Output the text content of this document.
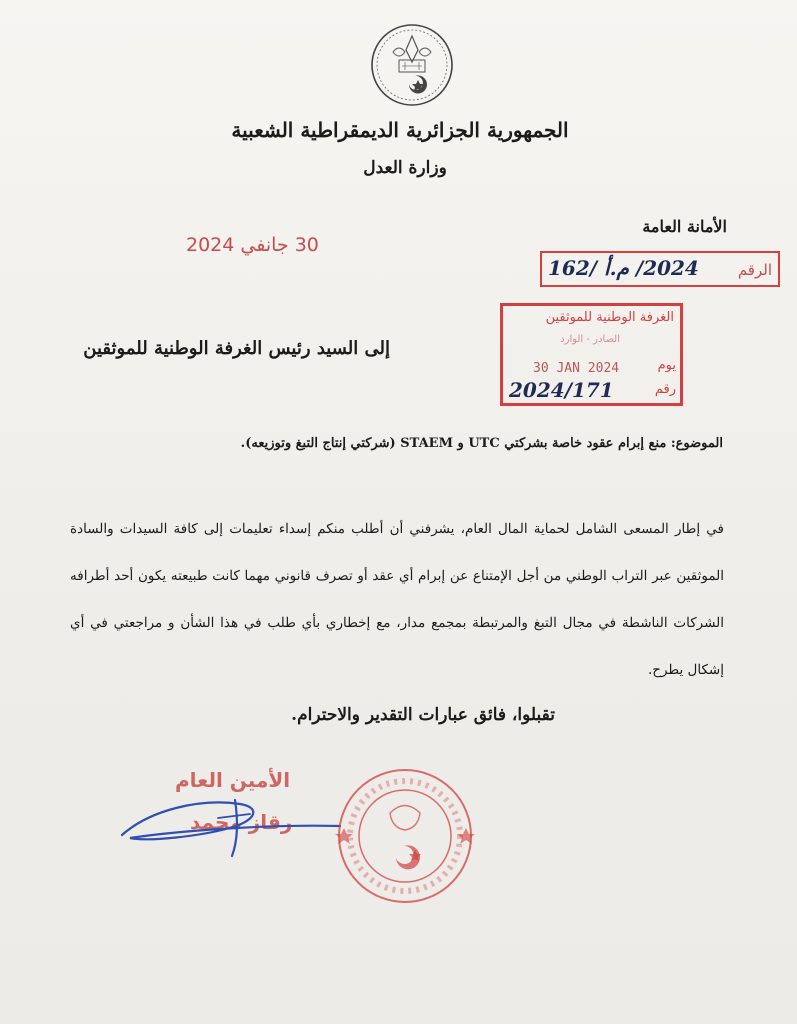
الجمهورية الجزائرية الديمقراطية الشعبية
وزارة العدل
الأمانة العامة
30 جانفي 2024
الرقم
2024/ م.أ /162
الغرفة الوطنية للموثقين
الصادر - الوارد
يوم
30 JAN 2024
رقم
2024/171
إلى السيد رئيس الغرفة الوطنية للموثقين
الموضوع: منع إبرام عقود خاصة بشركتي UTC و STAEM (شركتي إنتاج التبغ وتوزيعه).
في إطار المسعى الشامل لحماية المال العام، يشرفني أن أطلب منكم إسداء تعليمات إلى كافة السيدات والسادة الموثقين عبر التراب الوطني من أجل الإمتناع عن إبرام أي عقد أو تصرف قانوني مهما كانت طبيعته يكون أحد أطرافه الشركات الناشطة في مجال التبغ والمرتبطة بمجمع مدار، مع إخطاري بأي طلب في هذا الشأن و مراجعتي في أي إشكال يطرح.
تقبلوا، فائق عبارات التقدير والاحترام.
الأمين العام
رقاز محمد
